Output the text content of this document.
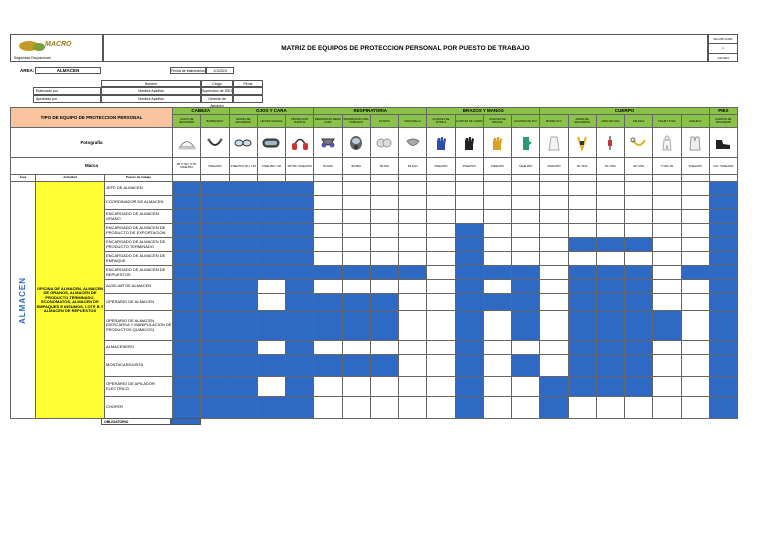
MACRO
Seguridad Ocupacional
MATRIZ DE EQUIPOS DE PROTECCION PERSONAL POR PUESTO DE TRABAJO
SIG-MP-0-001
1
1/1/2023
ÁREA:	ALMACEN	Fecha de elaboración	1/1/2023
Nombre	Cargo	Firma
Elaborado por	Nombre Apellido	Supervisor de SSO
Aprobado por	Nombre Apellido	Gerente de Almacén
TIPO DE EQUIPO DE PROTECCION PERSONAL			CABEZA		OJOS Y CARA			RESPIRATORIA				BRAZOS Y MANOS				CUERPO						PIES
			CASCO DE SEGURIDAD	BARBIQUEJO	LENTES DE SEGURIDAD	LENTES GOGGLE	PROTECCION AUDITIVA	RESPIRADOR MEDIA CARA	RESPIRADOR CARA COMPLETA	FILTROS	MASCARILLA	GUANTES DE NITRILO	GUANTES DE CUERO	GUANTES DE BADANA	GUANTES DE PVC	MANDIL PVC	ARNES DE SEGURIDAD	LINEA DE VIDA	ESLINGA	TRAJE TYVEK	CHALECO	ZAPATOS DE SEGURIDAD
Fotografía	

Marca			3M H-700 / H-701 STEELPRO	STEELPRO	STEELPRO SP-1 / 3M	STEELPRO / 3M	3M H9A / STEELPRO	3M 6200	3M 6800	3M 2097	3M 8210	STEELPRO	STEELPRO	STEELPRO	STEELPRO	STEELPRO	3M / MSA	3M / MSA	3M / MSA	TYVEK 3M	STEELPRO	CAT / STEELPRO
Área	Actividad	Puesto de trabajo																				
ALMACEN	OFICINA DE ALMACEN, ALMACEN DE GRANOS, ALMACEN DE PRODUCTO TERMINADO, ECONOMATOS, ALMACEN DE EMPAQUES E INSUMOS, LOTE B Y ALMACEN DE REPUESTOS	JEFE DE ALMACEN																				
		COORDINADOR DE ALMACEN																				
		ENCARGADO DE ALMACEN GRANO																				
		ENCARGADO DE ALMACEN DE PRODUCTO DE EXPORTACION																				
		ENCARGADO DE ALMACEN DE PRODUCTO TERMINADO																				
		ENCARGADO DE ALMACEN DE EMPAQUE																				
		ENCARGADO DE ALMACEN DE REPUESTOS																				
		AUXILIAR DE ALMACEN																				
		OPERARIO DE ALMACEN																				
		OPERARIO DE ALMACEN (DESCARGA Y MANIPULACION DE PRODUCTOS QUIMICOS)																				
		ALMACENERO																				
		MONTACARGUISTA																				
		OPERARIO DE APILADOR ELECTRICO																				
		CHOFER																				
OBLIGATORIO
